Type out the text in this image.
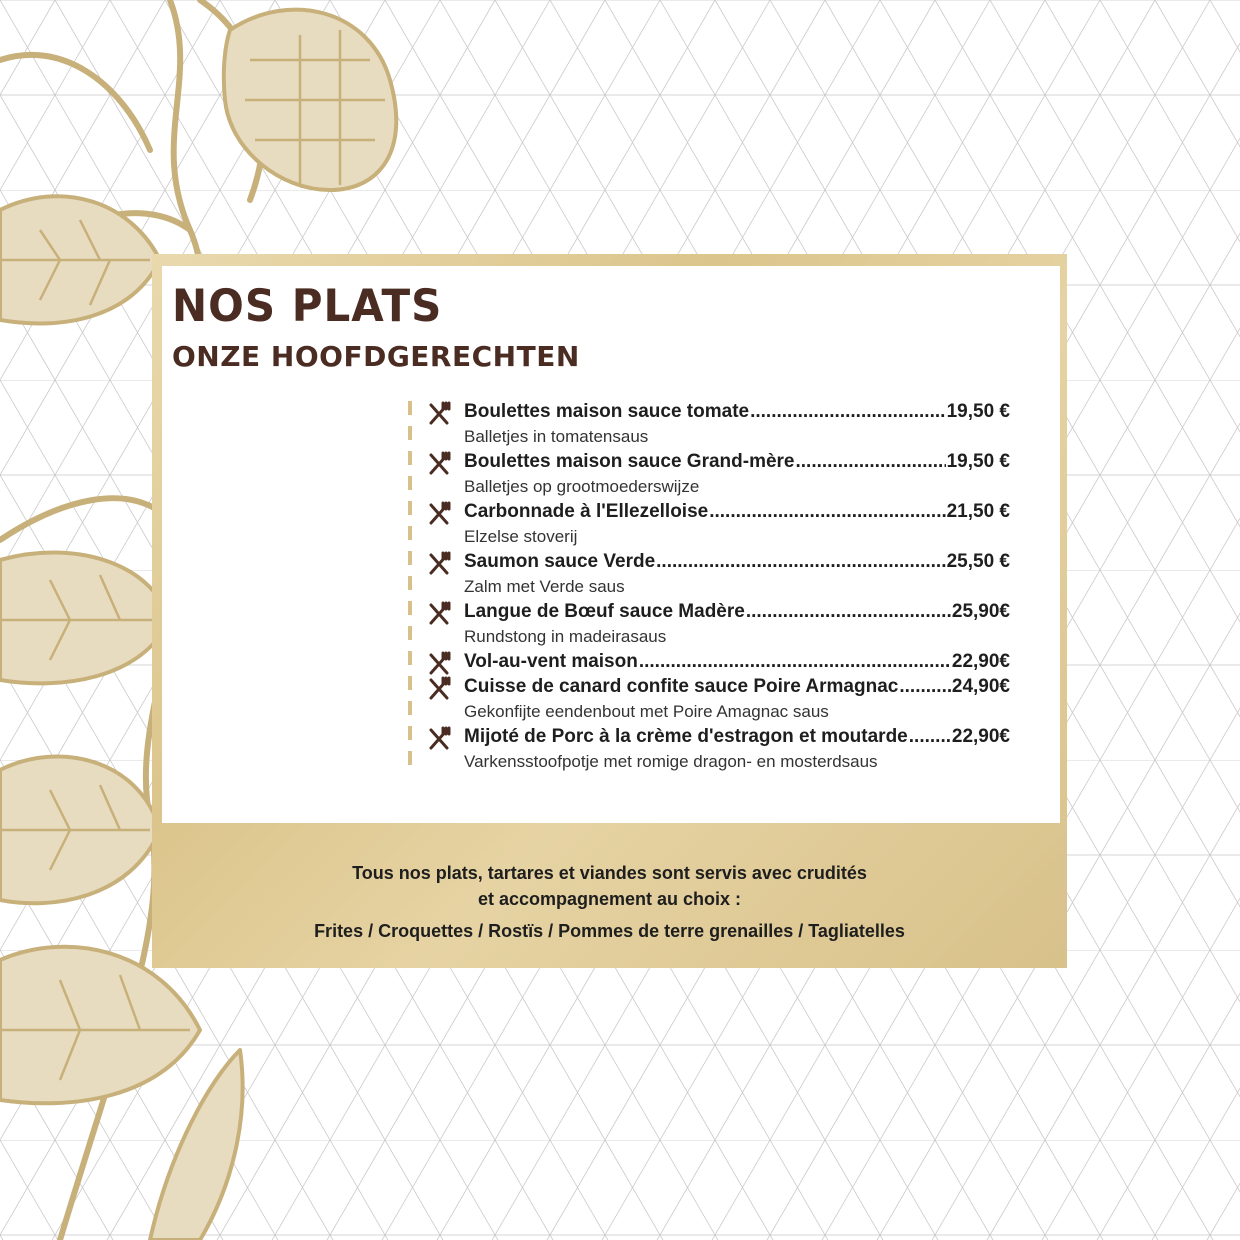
NOS PLATS
ONZE HOOFDGERECHTEN
Boulettes maison sauce tomate .....	19,50 €
Balletjes in tomatensaus
Boulettes maison sauce Grand-mère .....	19,50 €
Balletjes op grootmoederswijze
Carbonnade à l'Ellezelloise .....	21,50 €
Elzelse stoverij
Saumon sauce Verde .....	25,50 €
Zalm met Verde saus
Langue de Bœuf sauce Madère .....	25,90€
Rundstong in madeirasaus
Vol-au-vent maison .....	22,90€
Cuisse de canard confite sauce Poire Armagnac .....	24,90€
Gekonfijte eendenbout met Poire Amagnac saus
Mijoté de Porc à la crème d'estragon et moutarde ..... 22,90€
Varkensstoofpotje met romige dragon- en mosterdsaus
Tous nos plats, tartares et viandes sont servis avec crudités
et accompagnement au choix :
Frites / Croquettes / Rostïs / Pommes de terre grenailles / Tagliatelles
